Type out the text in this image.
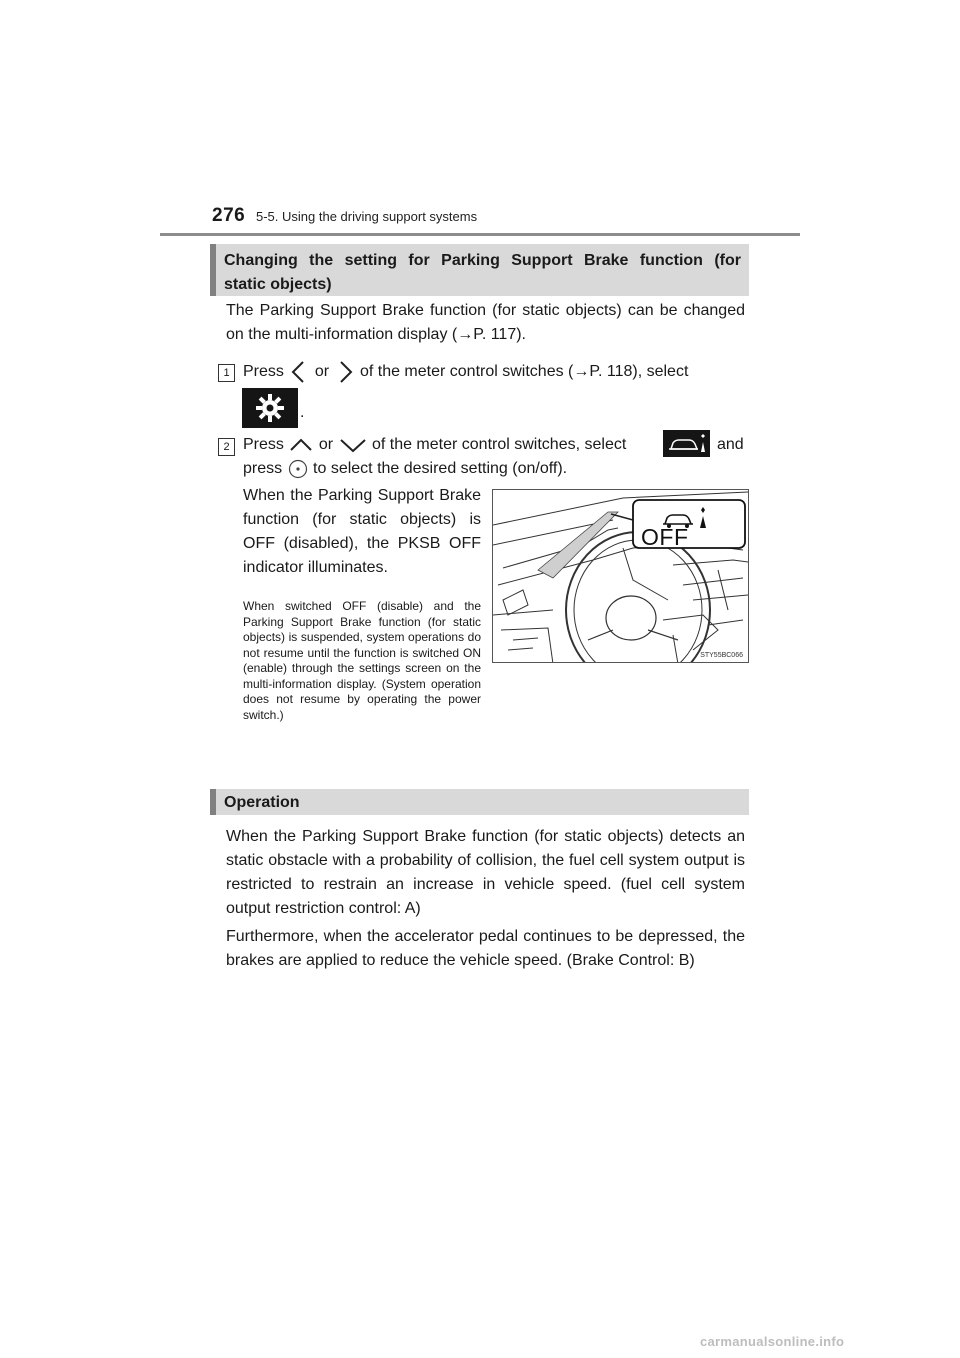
276 5-5. Using the driving support systems
Changing the setting for Parking Support Brake function (for
static objects)
The Parking Support Brake function (for static objects) can be changed on the multi-information display (→P. 117).
1 Press or of the meter control switches (→P. 118), select
.
2 Press or of the meter control switches, select	and
press to select the desired setting (on/off).
When the Parking Support Brake function (for static objects) is OFF (disabled), the PKSB OFF indicator illuminates.
When switched OFF (disable) and the Parking Support Brake function (for static objects) is suspended, system operations do not resume until the function is switched ON (enable) through the settings screen on the multi-information display. (System operation does not resume by operating the power switch.)
OFF
STY55BC066
Operation
When the Parking Support Brake function (for static objects) detects an static obstacle with a probability of collision, the fuel cell system output is restricted to restrain an increase in vehicle speed. (fuel cell system output restriction control: A)
Furthermore, when the accelerator pedal continues to be depressed, the brakes are applied to reduce the vehicle speed. (Brake Control: B)
carmanualsonline.info
